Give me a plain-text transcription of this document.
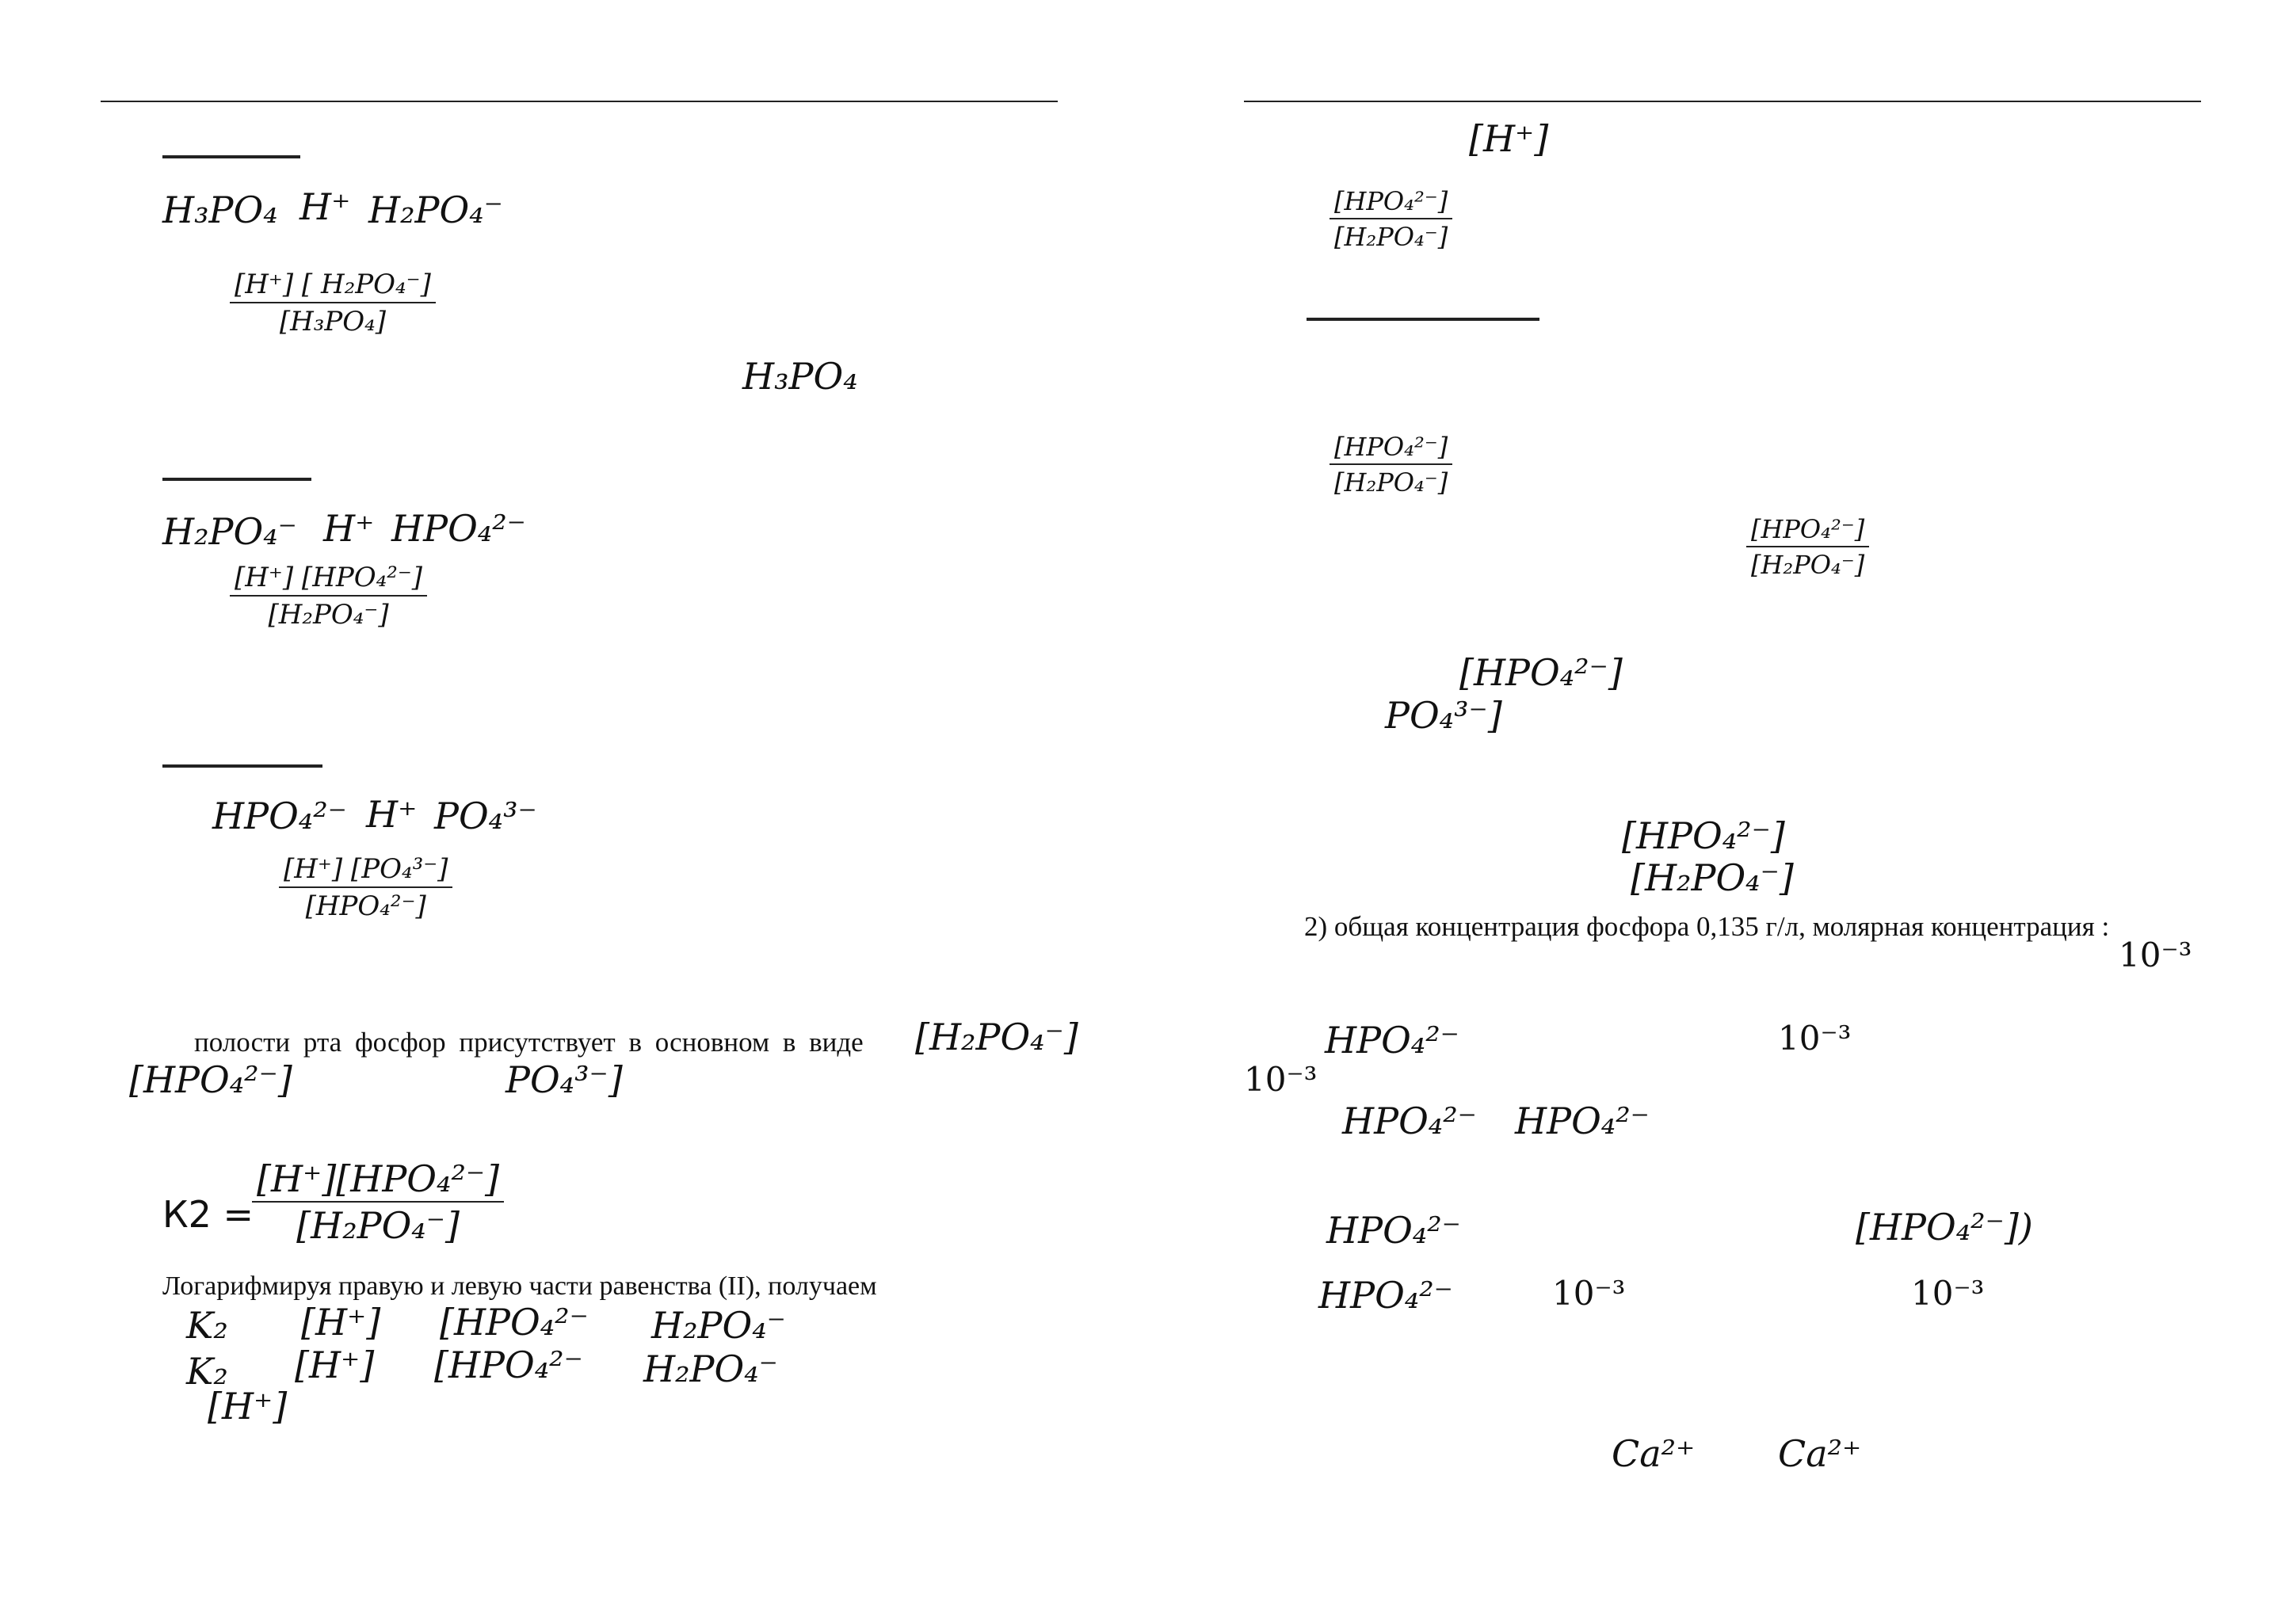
H₃PO₄ H⁺ H₂PO₄⁻
$\frac{\text{[H⁺] [ H₂PO₄⁻]}}{\text{[H₃PO₄]}}$
H₃PO₄
H₂PO₄⁻ H⁺ HPO₄²⁻
[H⁺] [HPO₄²⁻]
[H₂PO₄⁻]
HPO₄²⁻ H⁺ PO₄³⁻
[H⁺] [PO₄³⁻]
[HPO₄²⁻]
полости рта фосфор присутствует в основном в виде [H₂PO₄⁻]
[HPO₄²⁻]	PO₄³⁻]
К2 =
[H⁺][HPO₄²⁻]
[H₂PO₄⁻]
Логарифмируя правую и левую части равенства (II), получаем
K₂ [H⁺] [HPO₄²⁻ H₂PO₄⁻
K₂ [H⁺] [HPO₄²⁻ H₂PO₄⁻
[H⁺]
[H⁺]
[HPO₄²⁻]
[H₂PO₄⁻]
[HPO₄²⁻]
[H₂PO₄⁻]
[HPO₄²⁻]
[H₂PO₄⁻]
[HPO₄²⁻]
PO₄³⁻]
[HPO₄²⁻]
[H₂PO₄⁻]
2) общая концентрация фосфора 0,135 г/л, молярная концентрация :
10⁻³
10⁻³
HPO₄²⁻	10⁻³
HPO₄²⁻ HPO₄²⁻
HPO₄²⁻	[HPO₄²⁻])
HPO₄²⁻	10⁻³	10⁻³
Ca²⁺ Ca²⁺
